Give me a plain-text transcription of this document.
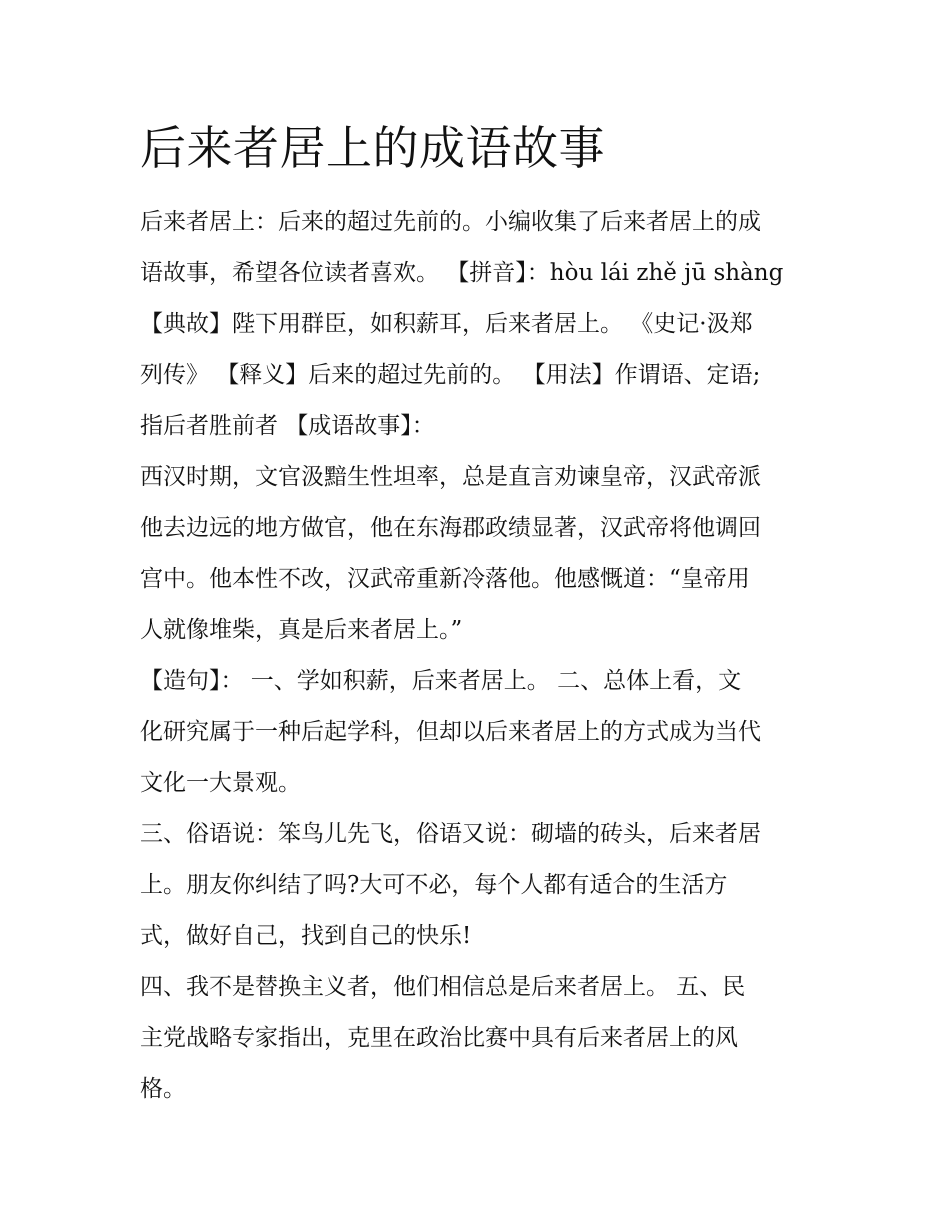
后来者居上的成语故事
后来者居上：后来的超过先前的。小编收集了后来者居上的成
语故事，希望各位读者喜欢。 【拼音】：hòu lái zhě jū shàng
【典故】陛下用群臣，如积薪耳，后来者居上。 《史记·汲郑
列传》 【释义】后来的超过先前的。 【用法】作谓语、定语;
指后者胜前者 【成语故事】：
西汉时期，文官汲黯生性坦率，总是直言劝谏皇帝，汉武帝派
他去边远的地方做官，他在东海郡政绩显著，汉武帝将他调回
宫中。他本性不改，汉武帝重新冷落他。他感慨道：“皇帝用
人就像堆柴，真是后来者居上。”
【造句】： 一、学如积薪，后来者居上。 二、总体上看，文
化研究属于一种后起学科，但却以后来者居上的方式成为当代
文化一大景观。
三、俗语说：笨鸟儿先飞，俗语又说：砌墙的砖头，后来者居
上。朋友你纠结了吗?大可不必，每个人都有适合的生活方
式，做好自己，找到自己的快乐!
四、我不是替换主义者，他们相信总是后来者居上。 五、民
主党战略专家指出，克里在政治比赛中具有后来者居上的风
格。
